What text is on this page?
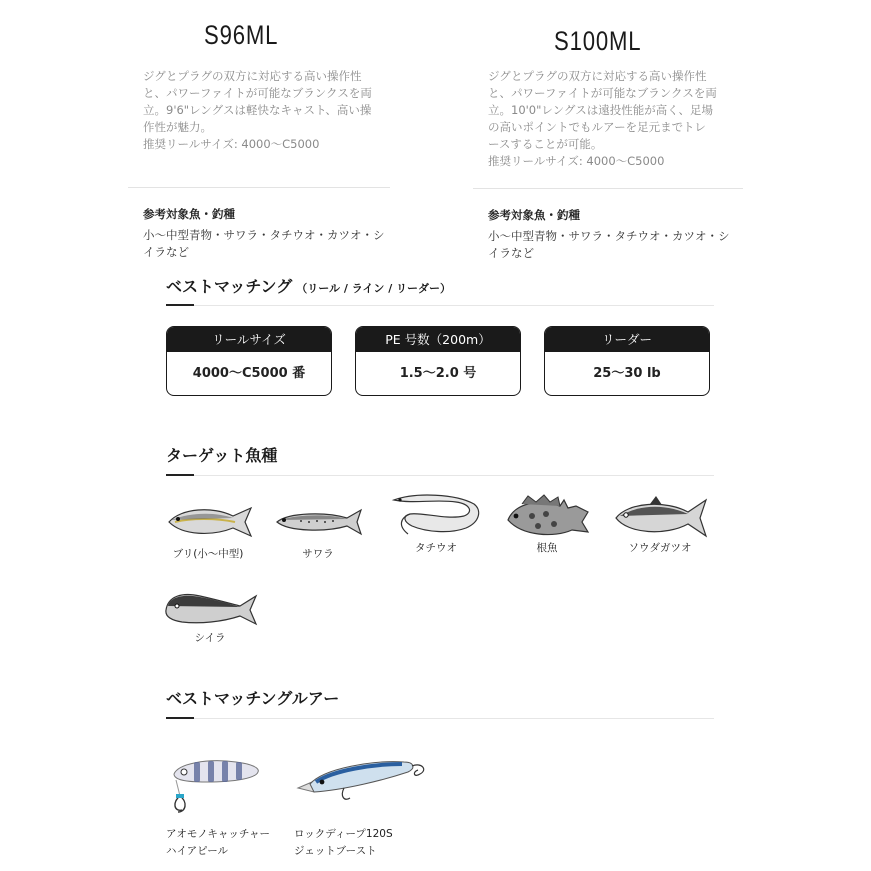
S96ML	S100ML
ジグとプラグの双方に対応する高い操作性
と、パワーファイトが可能なブランクスを両
立。9'6"レングスは軽快なキャスト、高い操
作性が魅力。
推奨リールサイズ: 4000〜C5000
ジグとプラグの双方に対応する高い操作性
と、パワーファイトが可能なブランクスを両
立。10'0"レングスは遠投性能が高く、足場
の高いポイントでもルアーを足元までトレ
ースすることが可能。
推奨リールサイズ: 4000〜C5000
参考対象魚・釣種	参考対象魚・釣種
小〜中型青物・サワラ・タチウオ・カツオ・シ
イラなど
小〜中型青物・サワラ・タチウオ・カツオ・シ
イラなど
ベストマッチング （リール / ライン / リーダー）
リールサイズ
4000〜C5000 番
PE 号数（200m）
1.5〜2.0 号
リーダー
25〜30 lb
ターゲット魚種
ブリ(小〜中型)	サワラ	タチウオ	根魚	ソウダガツオ
シイラ
ベストマッチングルアー
アオモノキャッチャー
ハイアピール
ロックディープ120S
ジェットブースト
